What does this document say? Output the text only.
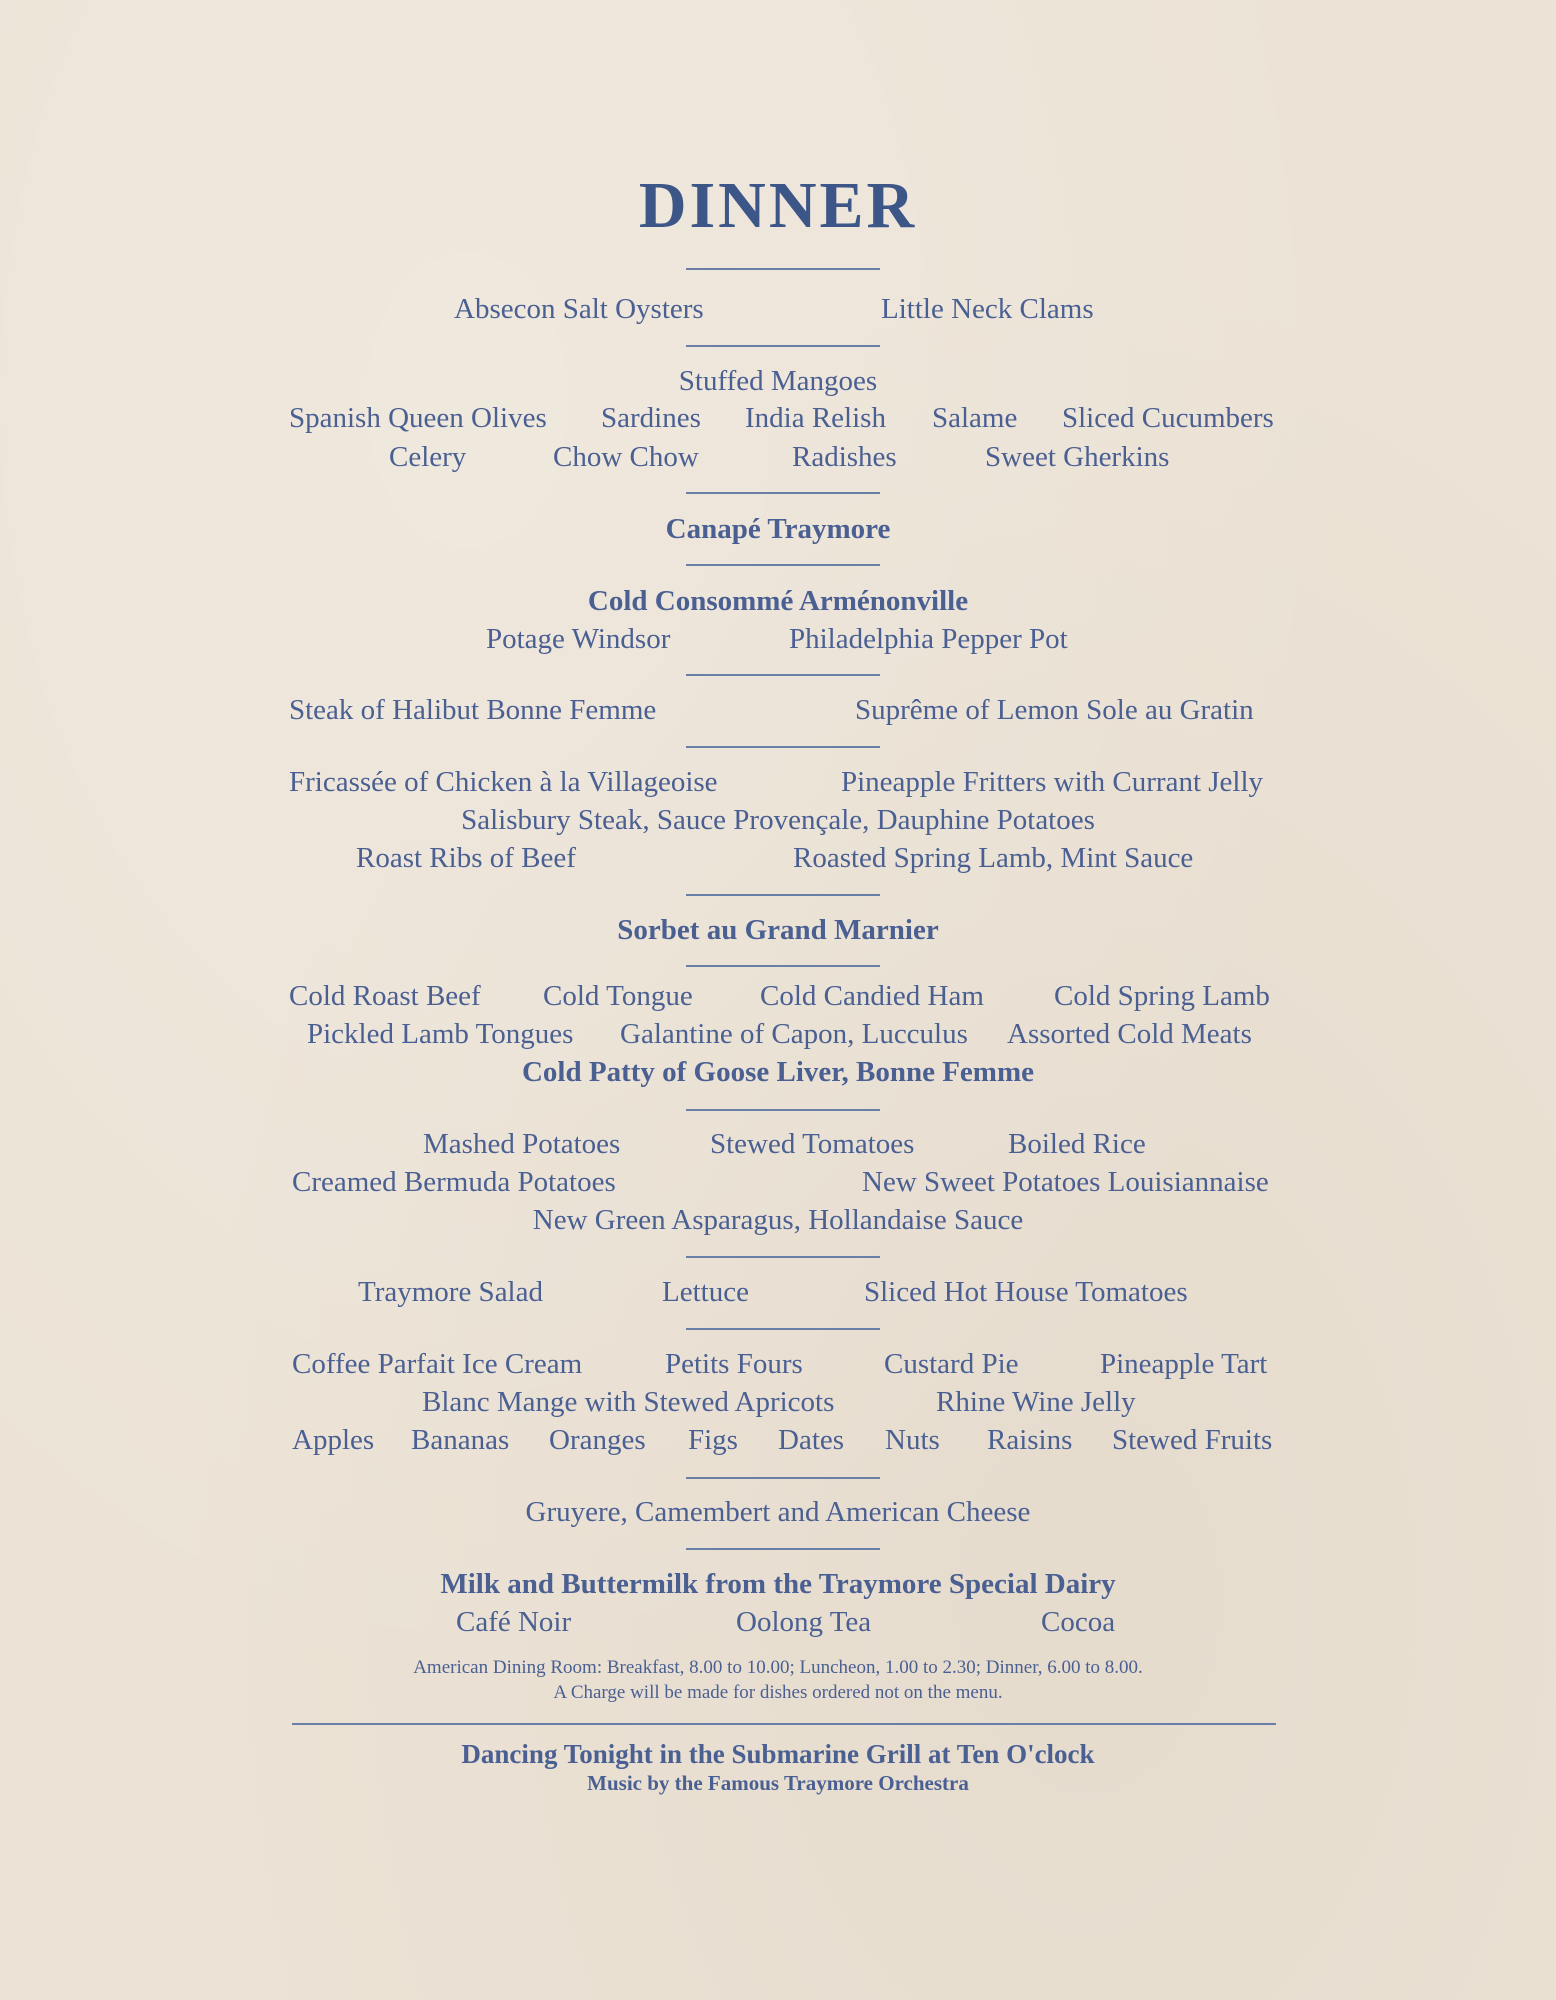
DINNER
Absecon Salt Oysters	Little Neck Clams
Stuffed Mangoes
Spanish Queen Olives Sardines India Relish Salame Sliced Cucumbers
Celery	Chow Chow	Radishes	Sweet Gherkins
Canapé Traymore
Cold Consommé Arménonville
Potage Windsor	Philadelphia Pepper Pot
Steak of Halibut Bonne Femme	Suprême of Lemon Sole au Gratin
Fricassée of Chicken à la Villageoise	Pineapple Fritters with Currant Jelly
Salisbury Steak, Sauce Provençale, Dauphine Potatoes
Roast Ribs of Beef	Roasted Spring Lamb, Mint Sauce
Sorbet au Grand Marnier
Cold Roast Beef Cold Tongue Cold Candied Ham Cold Spring Lamb
Pickled Lamb Tongues Galantine of Capon, Lucculus Assorted Cold Meats
Cold Patty of Goose Liver, Bonne Femme
Mashed Potatoes	Stewed Tomatoes	Boiled Rice
Creamed Bermuda Potatoes	New Sweet Potatoes Louisiannaise
New Green Asparagus, Hollandaise Sauce
Traymore Salad	Lettuce	Sliced Hot House Tomatoes
Coffee Parfait Ice Cream	Petits Fours	Custard Pie	Pineapple Tart
Blanc Mange with Stewed Apricots	Rhine Wine Jelly
Apples Bananas Oranges Figs Dates Nuts Raisins Stewed Fruits
Gruyere, Camembert and American Cheese
Milk and Buttermilk from the Traymore Special Dairy
Café Noir	Oolong Tea	Cocoa
American Dining Room: Breakfast, 8.00 to 10.00; Luncheon, 1.00 to 2.30; Dinner, 6.00 to 8.00.
A Charge will be made for dishes ordered not on the menu.
Dancing Tonight in the Submarine Grill at Ten O'clock
Music by the Famous Traymore Orchestra
